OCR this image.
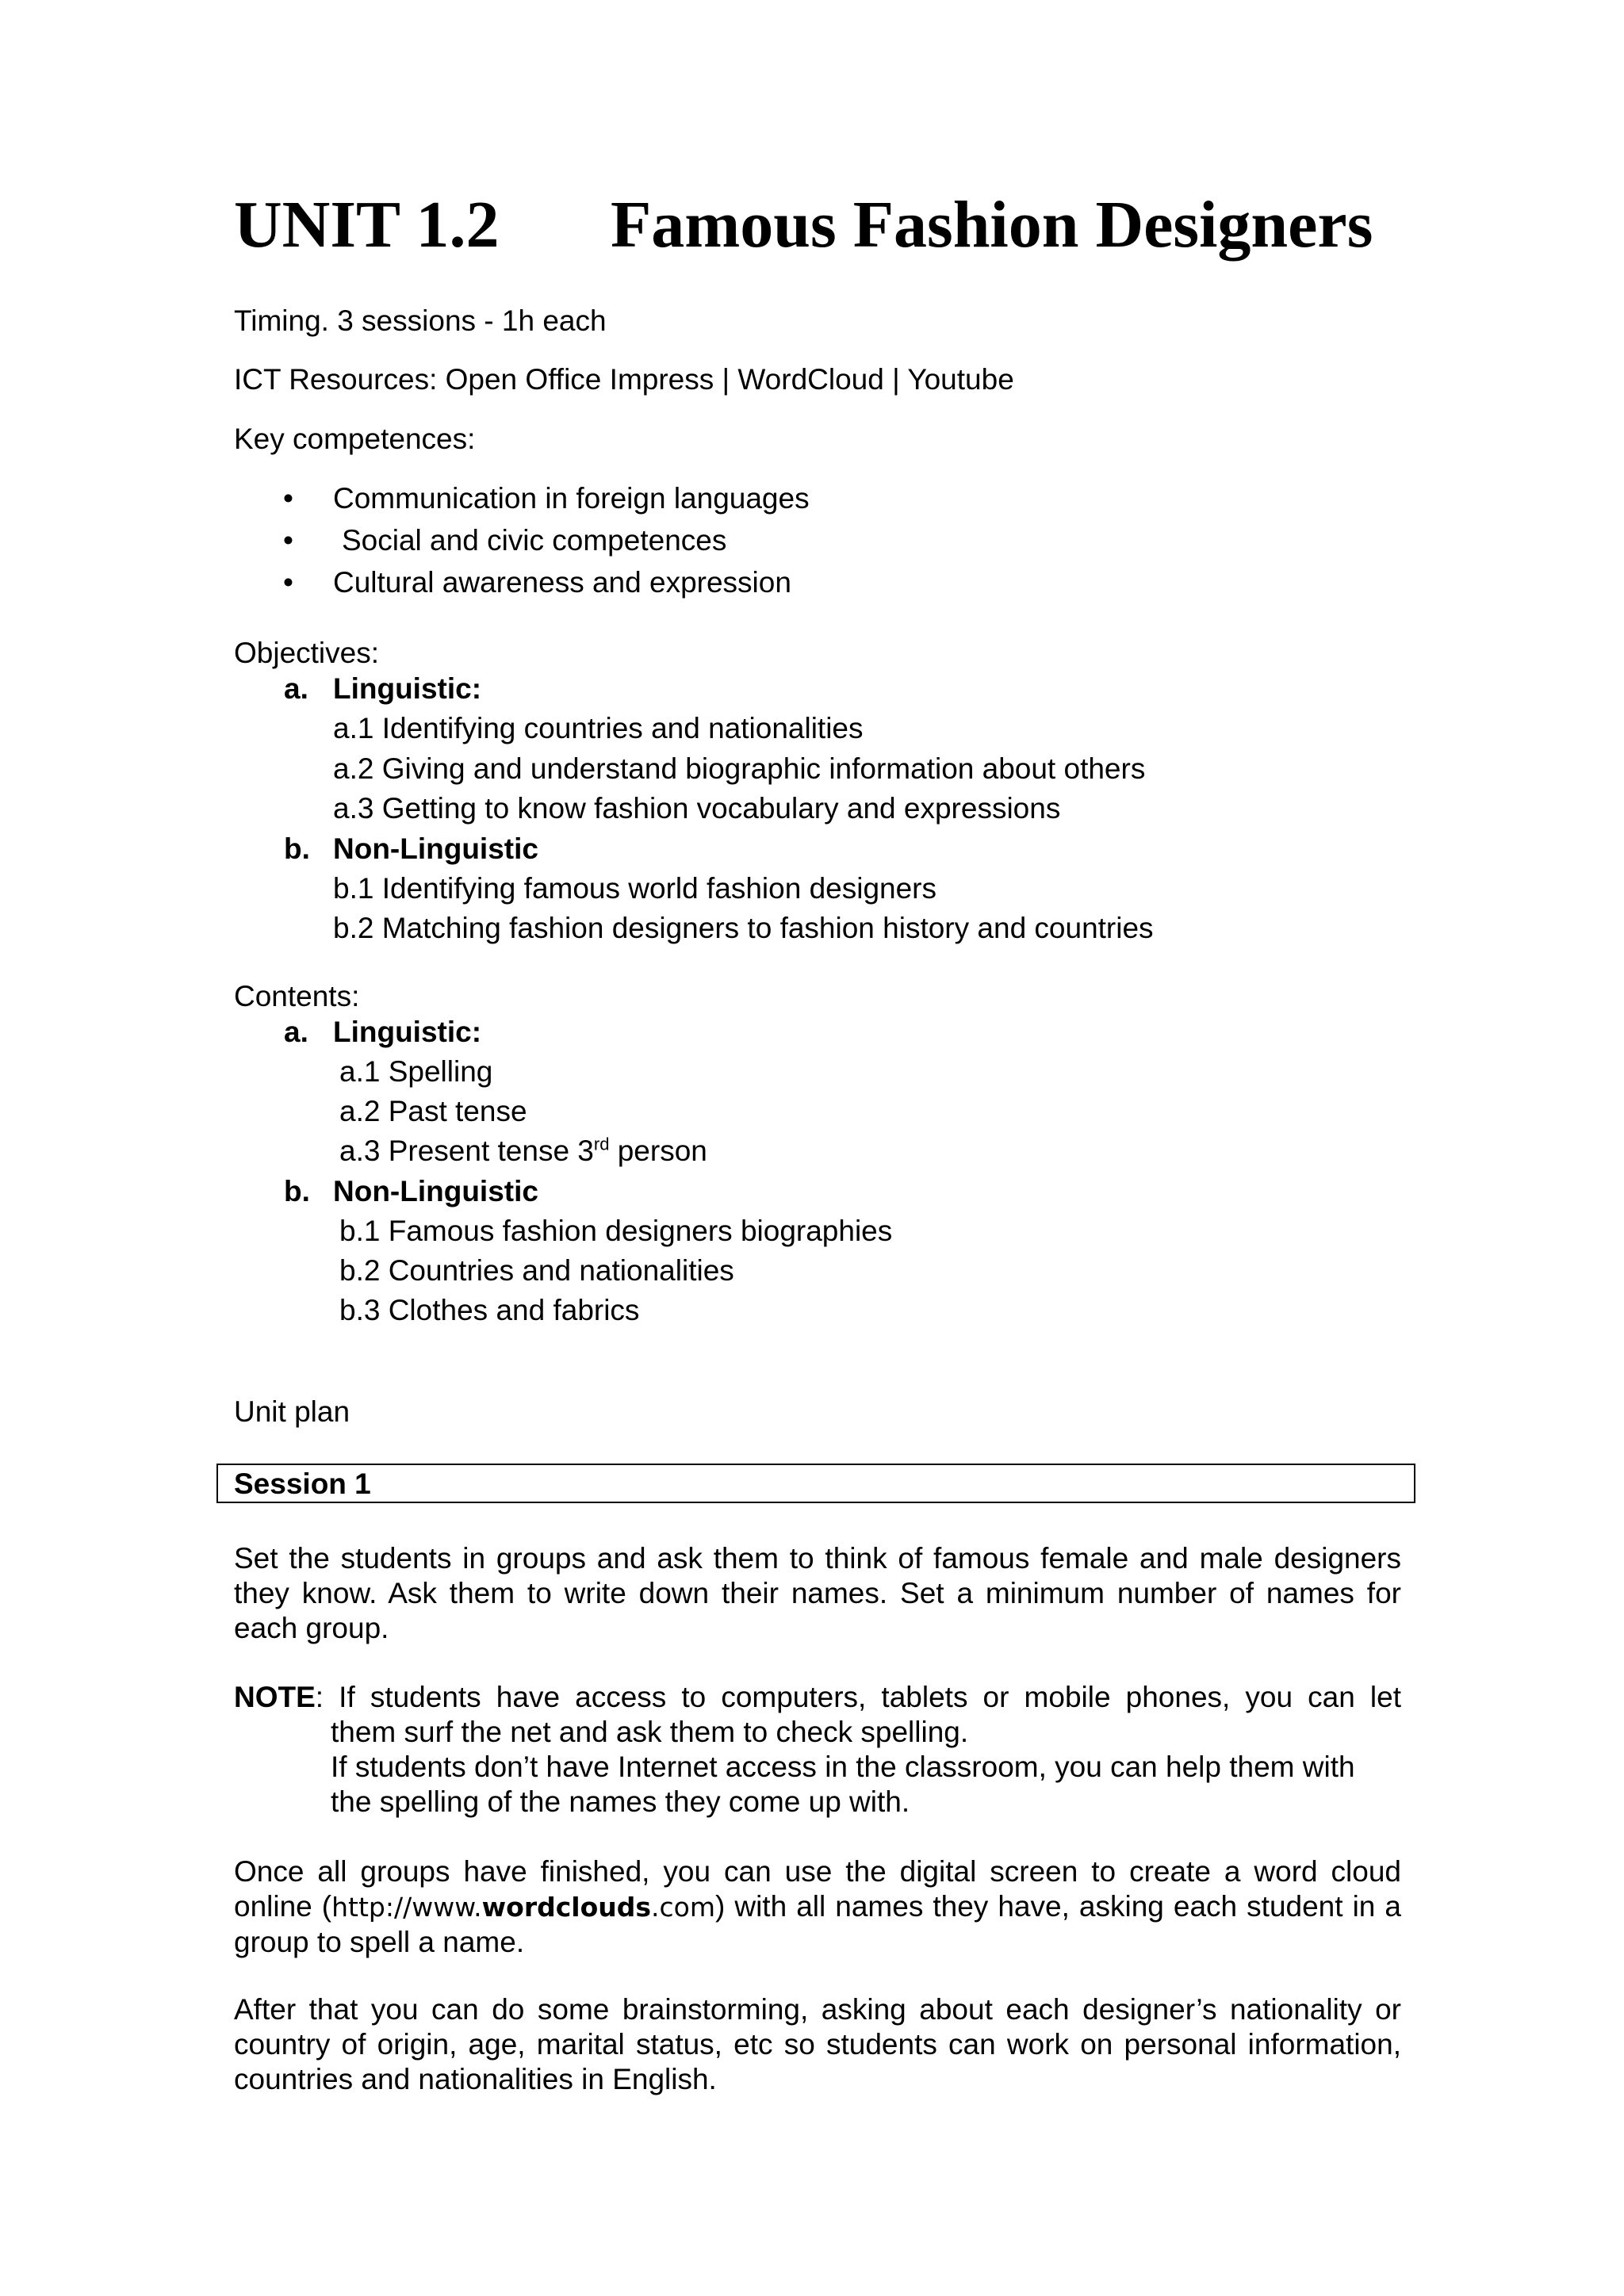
UNIT 1.2 Famous Fashion Designers

Timing. 3 sessions - 1h each

ICT Resources: Open Office Impress | WordCloud | Youtube

Key competences:

• Communication in foreign languages
• Social and civic competences
• Cultural awareness and expression

Objectives:

a. Linguistic:

a.1 Identifying countries and nationalities

a.2 Giving and understand biographic information about others

a.3 Getting to know fashion vocabulary and expressions

b. Non-Linguistic

b.1 Identifying famous world fashion designers

b.2 Matching fashion designers to fashion history and countries

Contents:

a. Linguistic:

a.1 Spelling

a.2 Past tense

a.3 Present tense 3rd person

b. Non-Linguistic

b.1 Famous fashion designers biographies

b.2 Countries and nationalities

b.3 Clothes and fabrics

Unit plan

Session 1

Set the students in groups and ask them to think of famous female and male designers they know. Ask them to write down their names. Set a minimum number of names for each group.

NOTE: If students have access to computers, tablets or mobile phones, you can let
them surf the net and ask them to check spelling.
If students don’t have Internet access in the classroom, you can help them with the spelling of the names they come up with.

Once all groups have finished, you can use the digital screen to create a word cloud online (http://www.wordclouds.com) with all names they have, asking each student in a group to spell a name.

After that you can do some brainstorming, asking about each designer’s nationality or country of origin, age, marital status, etc so students can work on personal information, countries and nationalities in English.
